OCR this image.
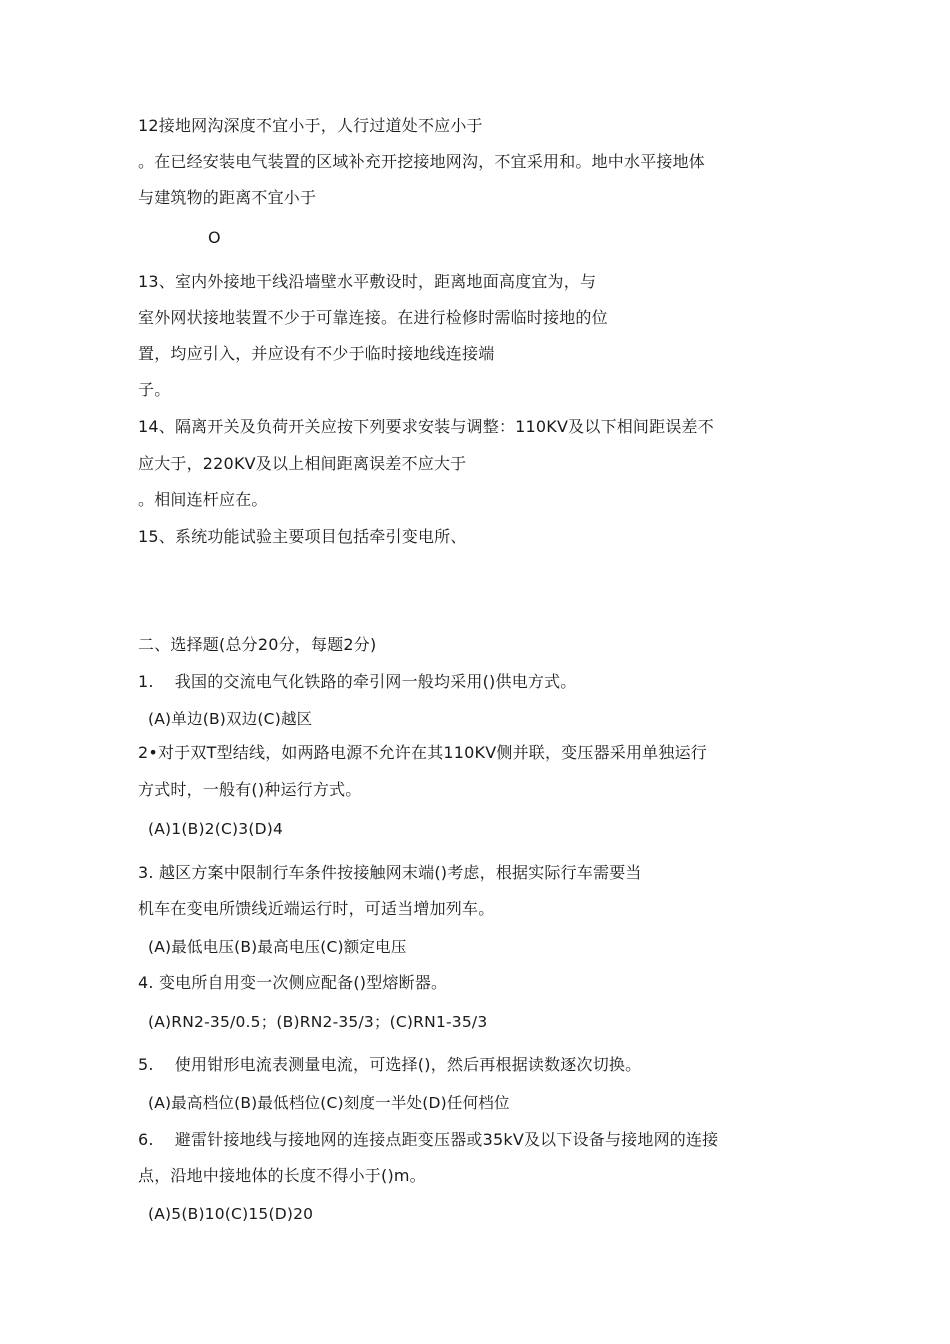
12接地网沟深度不宜小于，人行过道处不应小于
。在已经安装电气装置的区域补充开挖接地网沟，不宜采用和。地中水平接地体
与建筑物的距离不宜小于
O
13、室内外接地干线沿墙壁水平敷设时，距离地面高度宜为，与
室外网状接地装置不少于可靠连接。在进行检修时需临时接地的位
置，均应引入，并应设有不少于临时接地线连接端
子。
14、隔离开关及负荷开关应按下列要求安装与调整：110KV及以下相间距误差不
应大于，220KV及以上相间距离误差不应大于
。相间连杆应在。
15、系统功能试验主要项目包括牵引变电所、
二、选择题(总分20分，每题2分)
1.    我国的交流电气化铁路的牵引网一般均采用()供电方式。
(A)单边(B)双边(C)越区
2•对于双T型结线，如两路电源不允许在其110KV侧并联，变压器采用单独运行
方式时，一般有()种运行方式。
(A)1(B)2(C)3(D)4
3. 越区方案中限制行车条件按接触网末端()考虑，根据实际行车需要当
机车在变电所馈线近端运行时，可适当增加列车。
(A)最低电压(B)最高电压(C)额定电压
4. 变电所自用变一次侧应配备()型熔断器。
(A)RN2-35/0.5；(B)RN2-35/3；(C)RN1-35/3
5.    使用钳形电流表测量电流，可选择()，然后再根据读数逐次切换。
(A)最高档位(B)最低档位(C)刻度一半处(D)任何档位
6.    避雷针接地线与接地网的连接点距变压器或35kV及以下设备与接地网的连接
点，沿地中接地体的长度不得小于()m。
(A)5(B)10(C)15(D)20
